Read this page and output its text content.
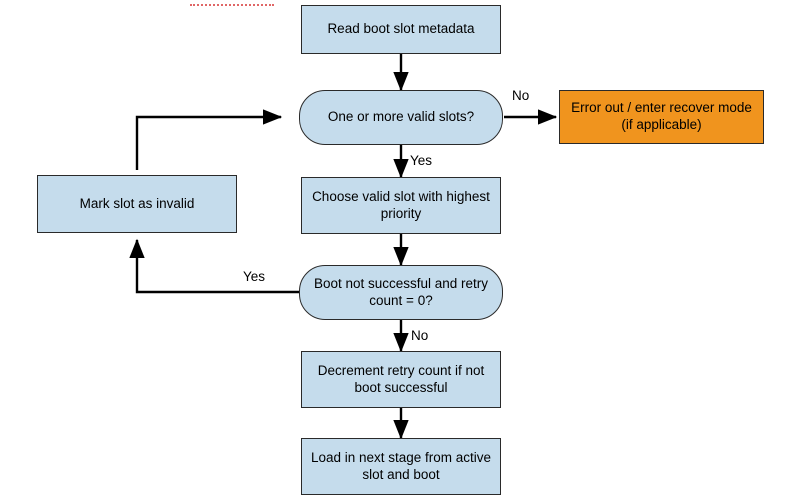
Read boot slot metadata
One or more valid slots?
Error out / enter recover mode (if applicable)
Choose valid slot with highest priority
Mark slot as invalid
Boot not successful and retry count = 0?
Decrement retry count if not boot successful
Load in next stage from active slot and boot
No
Yes
Yes
No
